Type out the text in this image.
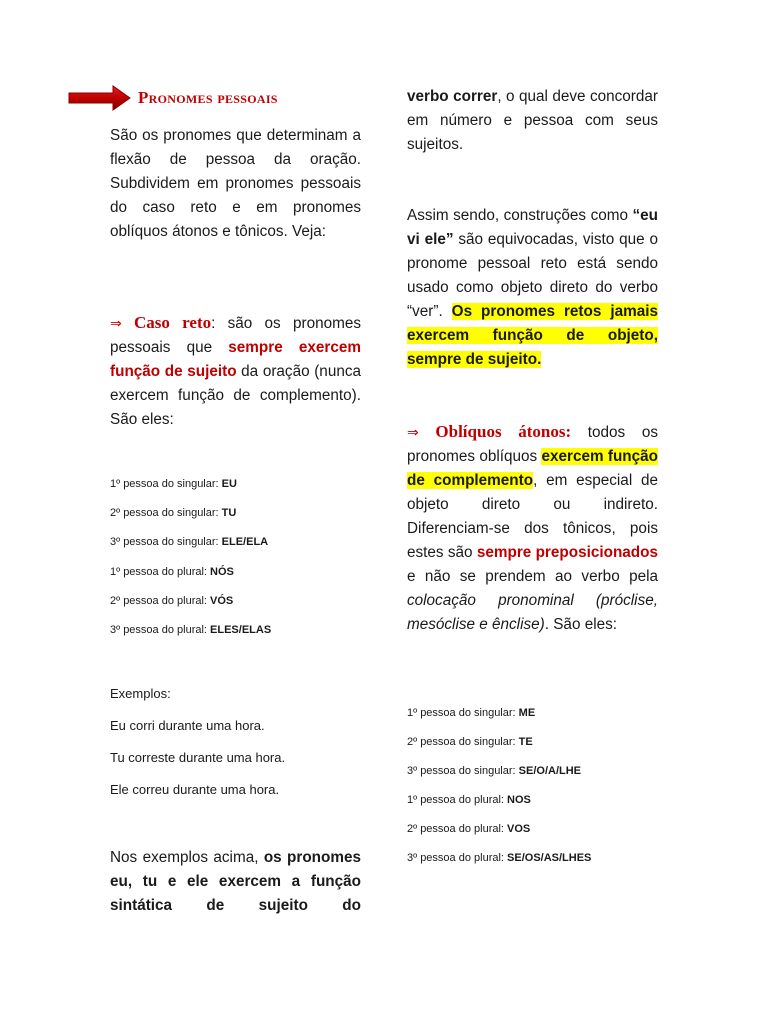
Pronomes pessoais

São os pronomes que determinam a flexão de pessoa da oração. Subdividem em pronomes pessoais do caso reto e em pronomes oblíquos átonos e tônicos. Veja:

⇒ Caso reto: são os pronomes pessoais que sempre exercem função de sujeito da oração (nunca exercem função de complemento). São eles:

1º pessoa do singular: EU
2º pessoa do singular: TU
3º pessoa do singular: ELE/ELA
1º pessoa do plural: NÓS
2º pessoa do plural: VÓS
3º pessoa do plural: ELES/ELAS
Exemplos:
Eu corri durante uma hora.
Tu correste durante uma hora.
Ele correu durante uma hora.

Nos exemplos acima, os pronomes eu, tu e ele exercem a função sintática de sujeito do

verbo correr, o qual deve concordar em número e pessoa com seus sujeitos.

Assim sendo, construções como “eu vi ele” são equivocadas, visto que o pronome pessoal reto está sendo usado como objeto direto do verbo “ver”. Os pronomes retos jamais exercem função de objeto, sempre de sujeito.

⇒ Oblíquos átonos: todos os pronomes oblíquos exercem função de complemento, em especial de objeto direto ou indireto. Diferenciam-se dos tônicos, pois estes são sempre preposicionados e não se prendem ao verbo pela colocação pronominal (próclise, mesóclise e ênclise). São eles:

1º pessoa do singular: ME
2º pessoa do singular: TE
3º pessoa do singular: SE/O/A/LHE
1º pessoa do plural: NOS
2º pessoa do plural: VOS
3º pessoa do plural: SE/OS/AS/LHES
